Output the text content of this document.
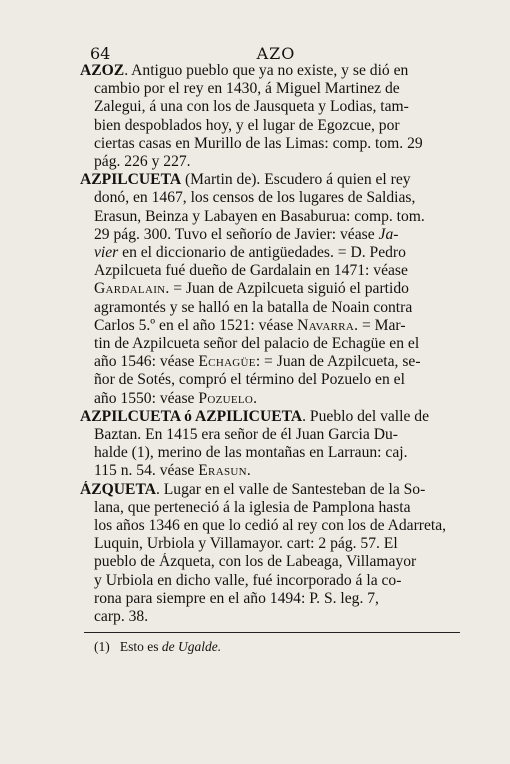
64	AZO
AZOZ. Antiguo pueblo que ya no existe, y se dió en
cambio por el rey en 1430, á Miguel Martinez de
Zalegui, á una con los de Jausqueta y Lodias, tam-
bien despoblados hoy, y el lugar de Egozcue, por
ciertas casas en Murillo de las Limas: comp. tom. 29
pág. 226 y 227.
AZPILCUETA (Martin de). Escudero á quien el rey
donó, en 1467, los censos de los lugares de Saldias,
Erasun, Beinza y Labayen en Basaburua: comp. tom.
29 pág. 300. Tuvo el señorío de Javier: véase Ja-
vier en el diccionario de antigüedades. = D. Pedro
Azpilcueta fué dueño de Gardalain en 1471: véase
Gardalain. = Juan de Azpilcueta siguió el partido
agramontés y se halló en la batalla de Noain contra
Carlos 5.º en el año 1521: véase Navarra. = Mar-
tin de Azpilcueta señor del palacio de Echagüe en el
año 1546: véase Echagüe: = Juan de Azpilcueta, se-
ñor de Sotés, compró el término del Pozuelo en el
año 1550: véase Pozuelo.
AZPILCUETA ó AZPILICUETA. Pueblo del valle de
Baztan. En 1415 era señor de él Juan Garcia Du-
halde (1), merino de las montañas en Larraun: caj.
115 n. 54. véase Erasun.
ÁZQUETA. Lugar en el valle de Santesteban de la So-
lana, que perteneció á la iglesia de Pamplona hasta
los años 1346 en que lo cedió al rey con los de Adarreta,
Luquin, Urbiola y Villamayor. cart: 2 pág. 57. El
pueblo de Ázqueta, con los de Labeaga, Villamayor
y Urbiola en dicho valle, fué incorporado á la co-
rona para siempre en el año 1494: P. S. leg. 7,
carp. 38.
(1) Esto es de Ugalde.
